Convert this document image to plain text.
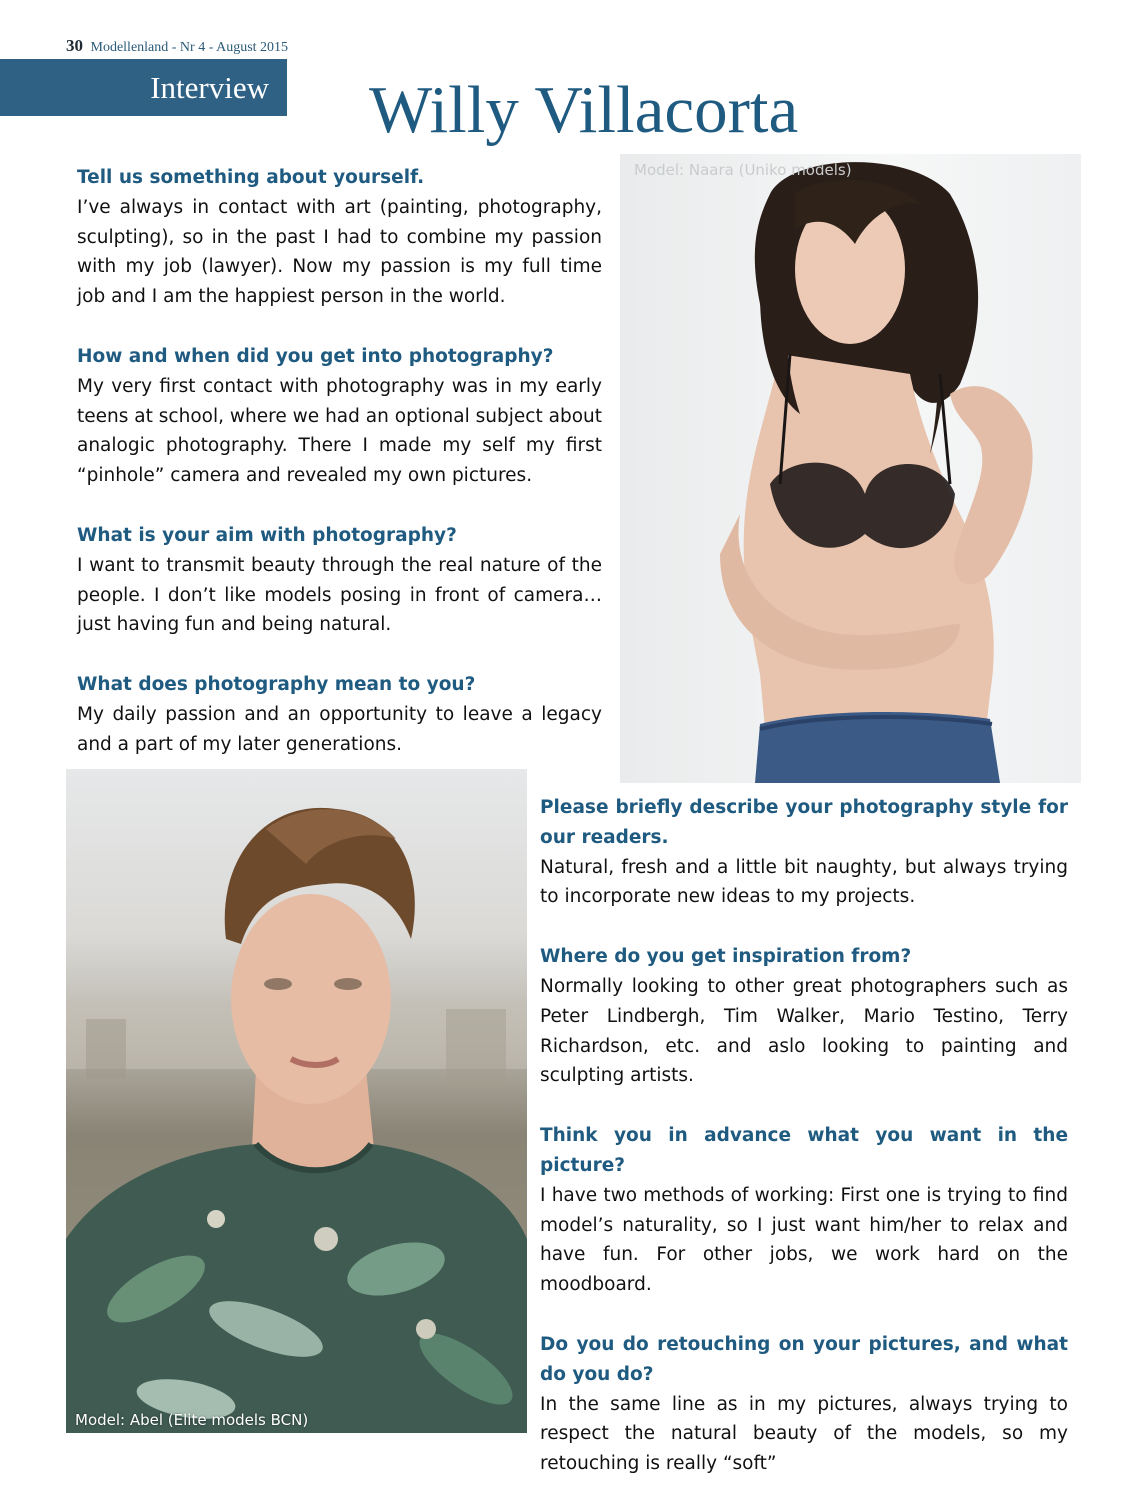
30 Modellenland - Nr 4 - August 2015
Interview Willy Villacorta
Model: Naara (Uniko models)
Model: Abel (Elite models BCN)

Tell us something about yourself.

I’ve always in contact with art (painting, photography, sculpting), so in the past I had to combine my passion with my job (lawyer). Now my passion is my full time job and I am the happiest person in the world.

How and when did you get into photography?

My very first contact with photography was in my early teens at school, where we had an optional subject about analogic photography. There I made my self my first “pinhole” camera and revealed my own pictures.

What is your aim with photography?

I want to transmit beauty through the real nature of the people. I don’t like models posing in front of camera…just having fun and being natural.

What does photography mean to you?

My daily passion and an opportunity to leave a legacy and a part of my later generations.

Please briefly describe your photography style for our readers.

Natural, fresh and a little bit naughty, but always trying to incorporate new ideas to my projects.

Where do you get inspiration from?

Normally looking to other great photographers such as Peter Lindbergh, Tim Walker, Mario Testino, Terry Richardson, etc. and aslo looking to painting and sculpting artists.

Think you in advance what you want in the picture?

I have two methods of working: First one is trying to find model’s naturality, so I just want him/her to relax and have fun. For other jobs, we work hard on the moodboard.

Do you do retouching on your pictures, and what do you do?

In the same line as in my pictures, always trying to respect the natural beauty of the models, so my retouching is really “soft”
